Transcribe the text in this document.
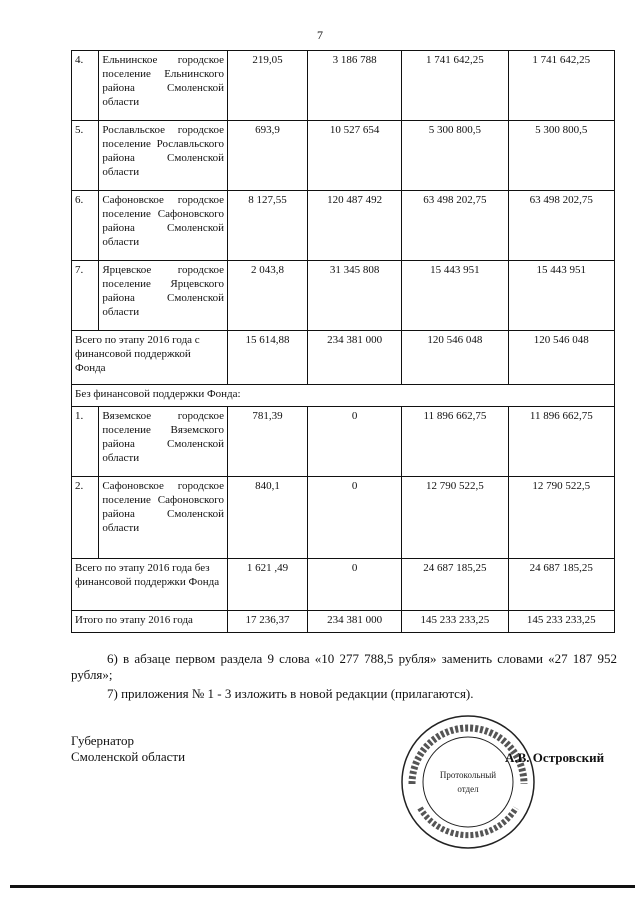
7
4.	Ельнинское городское поселение Ельнинского района Смоленской области	219,05	3 186 788	1 741 642,25	1 741 642,25
5.	Рославльское городское поселение Рославльского района Смоленской области	693,9	10 527 654	5 300 800,5	5 300 800,5
6.	Сафоновское городское поселение Сафоновского района Смоленской области	8 127,55	120 487 492	63 498 202,75	63 498 202,75
7.	Ярцевское городское поселение Ярцевского района Смоленской области	2 043,8	31 345 808	15 443 951	15 443 951
Всего по этапу 2016 года с финансовой поддержкой Фонда		15 614,88	234 381 000	120 546 048	120 546 048
Без финансовой поддержки Фонда:					
1.	Вяземское городское поселение Вяземского района Смоленской области	781,39	0	11 896 662,75	11 896 662,75
2.	Сафоновское городское поселение Сафоновского района Смоленской области	840,1	0	12 790 522,5	12 790 522,5
Всего по этапу 2016 года без финансовой поддержки Фонда		1 621 ,49	0	24 687 185,25	24 687 185,25
Итого по этапу 2016 года		17 236,37	234 381 000	145 233 233,25	145 233 233,25
6) в абзаце первом раздела 9 слова «10 277 788,5 рубля» заменить словами «27 187 952 рубля»;
7) приложения № 1 - 3 изложить в новой редакции (прилагаются).
Губернатор
Смоленской области
Протокольный
отдел
А.В. Островский
